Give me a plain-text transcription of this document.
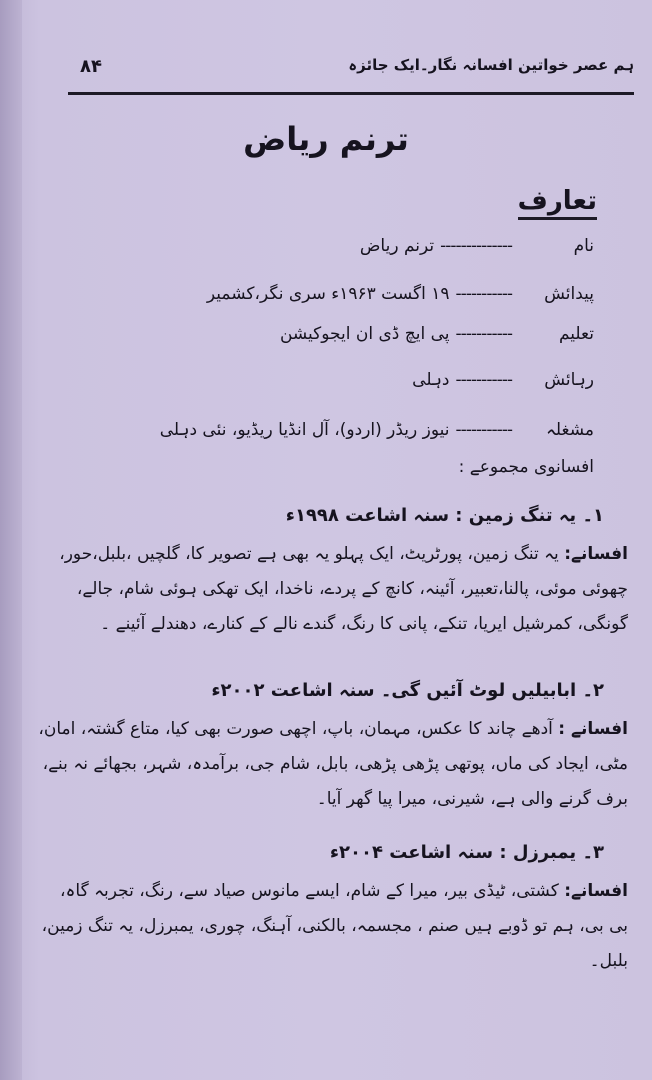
ہم عصر خواتین افسانہ نگار۔ایک جائزہ
۸۴
ترنم ریاض
تعارف
نام--------------ترنم ریاض
پیدائش-----------۱۹ اگست ۱۹۶۳ء سری نگر،کشمیر
تعلیم-----------پی ایچ ڈی ان ایجوکیشن
رہائش-----------دہلی
مشغلہ-----------نیوز ریڈر (اردو)، آل انڈیا ریڈیو، نئی دہلی
افسانوی مجموعے :
۱۔ یہ تنگ زمین : سنہ اشاعت ۱۹۹۸ء
افسانے: یہ تنگ زمین، پورٹریٹ، ایک پہلو یہ بھی ہے تصویر کا، گلچیں ،بلبل،حور، چھوئی موئی، پالنا،تعبیر، آئینہ، کانچ کے پردے، ناخدا، ایک تھکی ہوئی شام، جالے، گونگی، کمرشیل ایریا، تنکے، پانی کا رنگ، گندے نالے کے کنارے، دھندلے آئینے ۔
۲۔ ابابیلیں لوٹ آئیں گی۔ سنہ اشاعت ۲۰۰۲ء
افسانے : آدھے چاند کا عکس، مہمان، باپ، اچھی صورت بھی کیا، متاع گشتہ، امان، مٹی، ایجاد کی ماں، پوتھی پڑھی پڑھی، بابل، شام جی، برآمدہ، شہر، بجھائے نہ بنے، برف گرنے والی ہے، شیرنی، میرا پیا گھر آیا۔
۳۔ یمبرزل : سنہ اشاعت ۲۰۰۴ء
افسانے: کشتی، ٹیڈی بیر، میرا کے شام، ایسے مانوس صیاد سے، رنگ، تجربہ گاہ، بی بی، ہم تو ڈوبے ہیں صنم ، مجسمہ، بالکنی، آہنگ، چوری، یمبرزل، یہ تنگ زمین، بلبل۔
